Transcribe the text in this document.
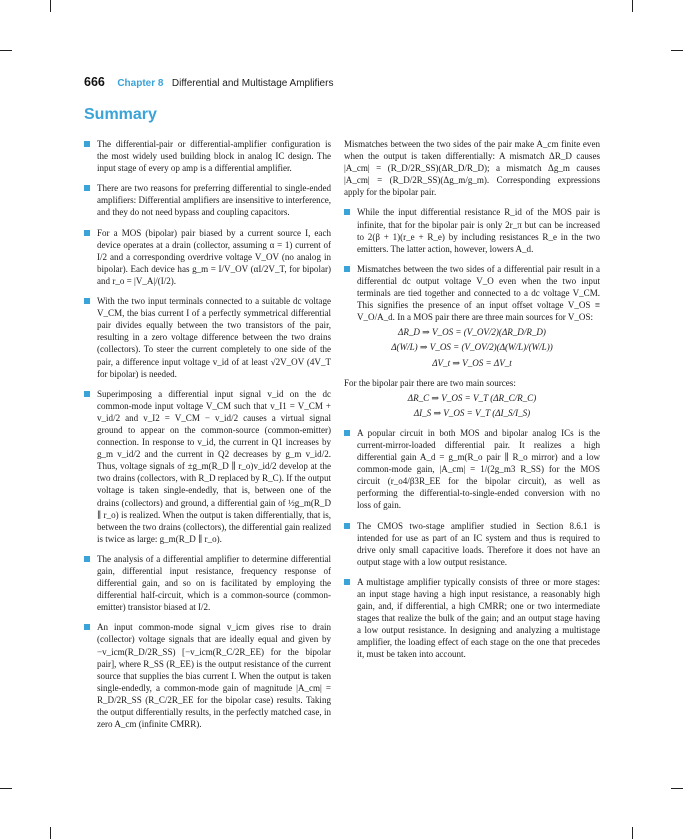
666 Chapter 8 Differential and Multistage Amplifiers
Summary
The differential-pair or differential-amplifier configuration is the most widely used building block in analog IC design. The input stage of every op amp is a differential amplifier.
There are two reasons for preferring differential to single-ended amplifiers: Differential amplifiers are insensitive to interference, and they do not need bypass and coupling capacitors.
For a MOS (bipolar) pair biased by a current source I, each device operates at a drain (collector, assuming α = 1) current of I/2 and a corresponding overdrive voltage V_OV (no analog in bipolar). Each device has g_m = I/V_OV (αI/2V_T, for bipolar) and r_o = |V_A|/(I/2).
With the two input terminals connected to a suitable dc voltage V_CM, the bias current I of a perfectly symmetrical differential pair divides equally between the two transistors of the pair, resulting in a zero voltage difference between the two drains (collectors). To steer the current completely to one side of the pair, a difference input voltage v_id of at least √2V_OV (4V_T for bipolar) is needed.
Superimposing a differential input signal v_id on the dc common-mode input voltage V_CM such that v_I1 = V_CM + v_id/2 and v_I2 = V_CM − v_id/2 causes a virtual signal ground to appear on the common-source (common-emitter) connection. In response to v_id, the current in Q1 increases by g_m v_id/2 and the current in Q2 decreases by g_m v_id/2. Thus, voltage signals of ±g_m(R_D ∥ r_o)v_id/2 develop at the two drains (collectors, with R_D replaced by R_C). If the output voltage is taken single-endedly, that is, between one of the drains (collectors) and ground, a differential gain of ½g_m(R_D ∥ r_o) is realized. When the output is taken differentially, that is, between the two drains (collectors), the differential gain realized is twice as large: g_m(R_D ∥ r_o).
The analysis of a differential amplifier to determine differential gain, differential input resistance, frequency response of differential gain, and so on is facilitated by employing the differential half-circuit, which is a common-source (common-emitter) transistor biased at I/2.
An input common-mode signal v_icm gives rise to drain (collector) voltage signals that are ideally equal and given by −v_icm(R_D/2R_SS) [−v_icm(R_C/2R_EE) for the bipolar pair], where R_SS (R_EE) is the output resistance of the current source that supplies the bias current I. When the output is taken single-endedly, a common-mode gain of magnitude |A_cm| = R_D/2R_SS (R_C/2R_EE for the bipolar case) results. Taking the output differentially results, in the perfectly matched case, in zero A_cm (infinite CMRR).
Mismatches between the two sides of the pair make A_cm finite even when the output is taken differentially: A mismatch ΔR_D causes |A_cm| = (R_D/2R_SS)(ΔR_D/R_D); a mismatch Δg_m causes |A_cm| = (R_D/2R_SS)(Δg_m/g_m). Corresponding expressions apply for the bipolar pair.
While the input differential resistance R_id of the MOS pair is infinite, that for the bipolar pair is only 2r_π but can be increased to 2(β + 1)(r_e + R_e) by including resistances R_e in the two emitters. The latter action, however, lowers A_d.
Mismatches between the two sides of a differential pair result in a differential dc output voltage V_O even when the two input terminals are tied together and connected to a dc voltage V_CM. This signifies the presence of an input offset voltage V_OS ≡ V_O/A_d. In a MOS pair there are three main sources for V_OS:
ΔR_D ⇒ V_OS = (V_OV/2)(ΔR_D/R_D)
Δ(W/L) ⇒ V_OS = (V_OV/2)(Δ(W/L)/(W/L))
ΔV_t ⇒ V_OS = ΔV_t
For the bipolar pair there are two main sources:
ΔR_C ⇒ V_OS = V_T (ΔR_C/R_C)
ΔI_S ⇒ V_OS = V_T (ΔI_S/I_S)
A popular circuit in both MOS and bipolar analog ICs is the current-mirror-loaded differential pair. It realizes a high differential gain A_d = g_m(R_o pair ∥ R_o mirror) and a low common-mode gain, |A_cm| = 1/(2g_m3 R_SS) for the MOS circuit (r_o4/β3R_EE for the bipolar circuit), as well as performing the differential-to-single-ended conversion with no loss of gain.
The CMOS two-stage amplifier studied in Section 8.6.1 is intended for use as part of an IC system and thus is required to drive only small capacitive loads. Therefore it does not have an output stage with a low output resistance.
A multistage amplifier typically consists of three or more stages: an input stage having a high input resistance, a reasonably high gain, and, if differential, a high CMRR; one or two intermediate stages that realize the bulk of the gain; and an output stage having a low output resistance. In designing and analyzing a multistage amplifier, the loading effect of each stage on the one that precedes it, must be taken into account.
